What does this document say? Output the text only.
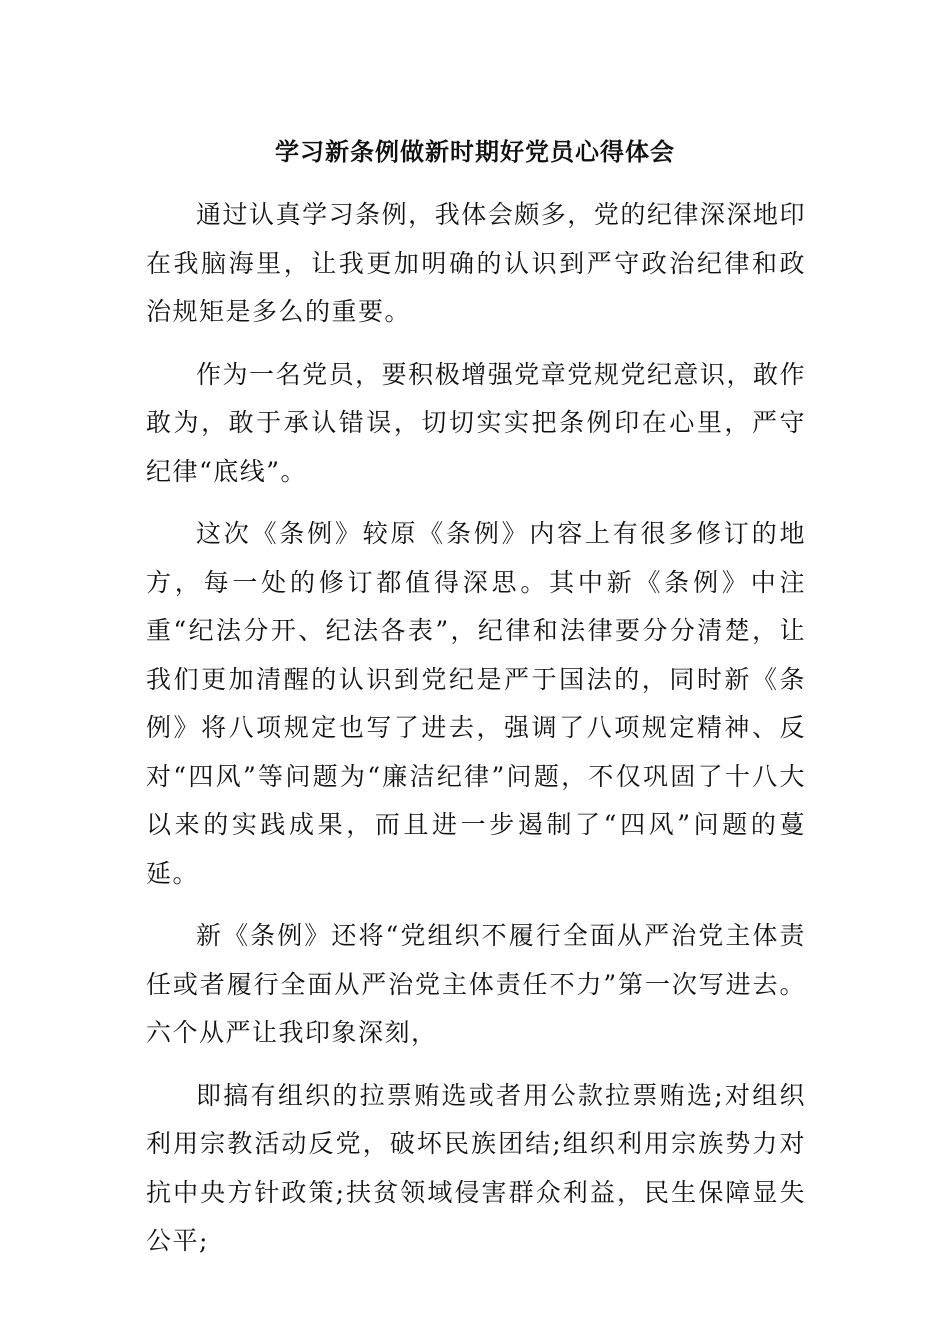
学习新条例做新时期好党员心得体会

通过认真学习条例，我体会颇多，党的纪律深深地印在我脑海里，让我更加明确的认识到严守政治纪律和政治规矩是多么的重要。

作为一名党员，要积极增强党章党规党纪意识，敢作敢为，敢于承认错误，切切实实把条例印在心里，严守纪律“底线”。

这次《条例》较原《条例》内容上有很多修订的地方，每一处的修订都值得深思。其中新《条例》中注重“纪法分开、纪法各表”，纪律和法律要分分清楚，让我们更加清醒的认识到党纪是严于国法的，同时新《条例》将八项规定也写了进去，强调了八项规定精神、反对“四风”等问题为“廉洁纪律”问题，不仅巩固了十八大以来的实践成果，而且进一步遏制了“四风”问题的蔓延。

新《条例》还将“党组织不履行全面从严治党主体责任或者履行全面从严治党主体责任不力”第一次写进去。六个从严让我印象深刻，

即搞有组织的拉票贿选或者用公款拉票贿选;对组织利用宗教活动反党，破坏民族团结;组织利用宗族势力对抗中央方针政策;扶贫领域侵害群众利益，民生保障显失公平;
